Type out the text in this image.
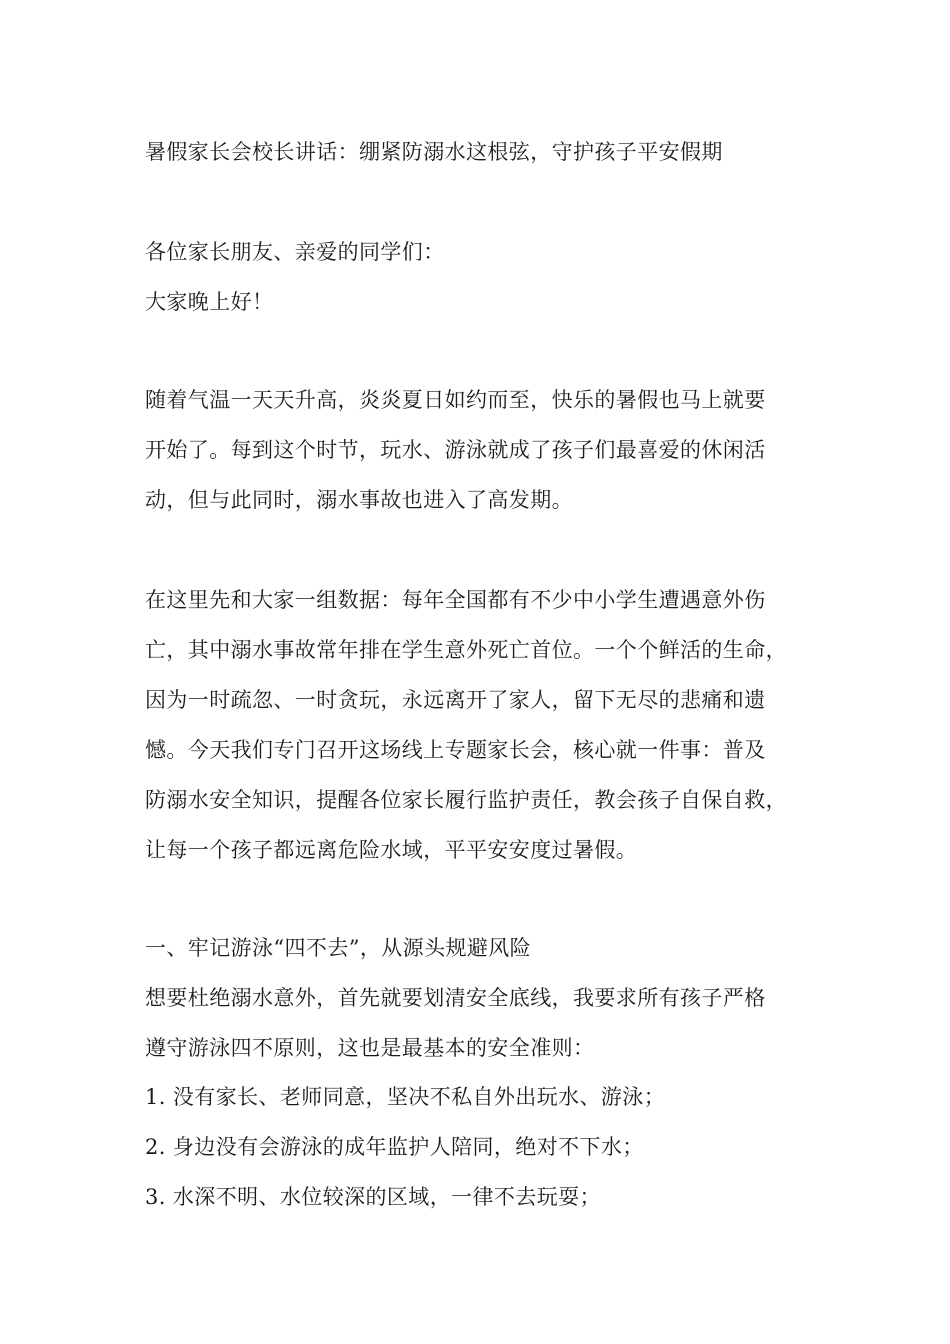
暑假家长会校长讲话：绷紧防溺水这根弦，守护孩子平安假期
各位家长朋友、亲爱的同学们：
大家晚上好！
随着气温一天天升高，炎炎夏日如约而至，快乐的暑假也马上就要
开始了。每到这个时节，玩水、游泳就成了孩子们最喜爱的休闲活
动，但与此同时，溺水事故也进入了高发期。
在这里先和大家一组数据：每年全国都有不少中小学生遭遇意外伤
亡，其中溺水事故常年排在学生意外死亡首位。一个个鲜活的生命，
因为一时疏忽、一时贪玩，永远离开了家人，留下无尽的悲痛和遗
憾。今天我们专门召开这场线上专题家长会，核心就一件事：普及
防溺水安全知识，提醒各位家长履行监护责任，教会孩子自保自救，
让每一个孩子都远离危险水域，平平安安度过暑假。
一、牢记游泳“四不去”，从源头规避风险
想要杜绝溺水意外，首先就要划清安全底线，我要求所有孩子严格
遵守游泳四不原则，这也是最基本的安全准则：
1. 没有家长、老师同意，坚决不私自外出玩水、游泳；
2. 身边没有会游泳的成年监护人陪同，绝对不下水；
3. 水深不明、水位较深的区域，一律不去玩耍；
